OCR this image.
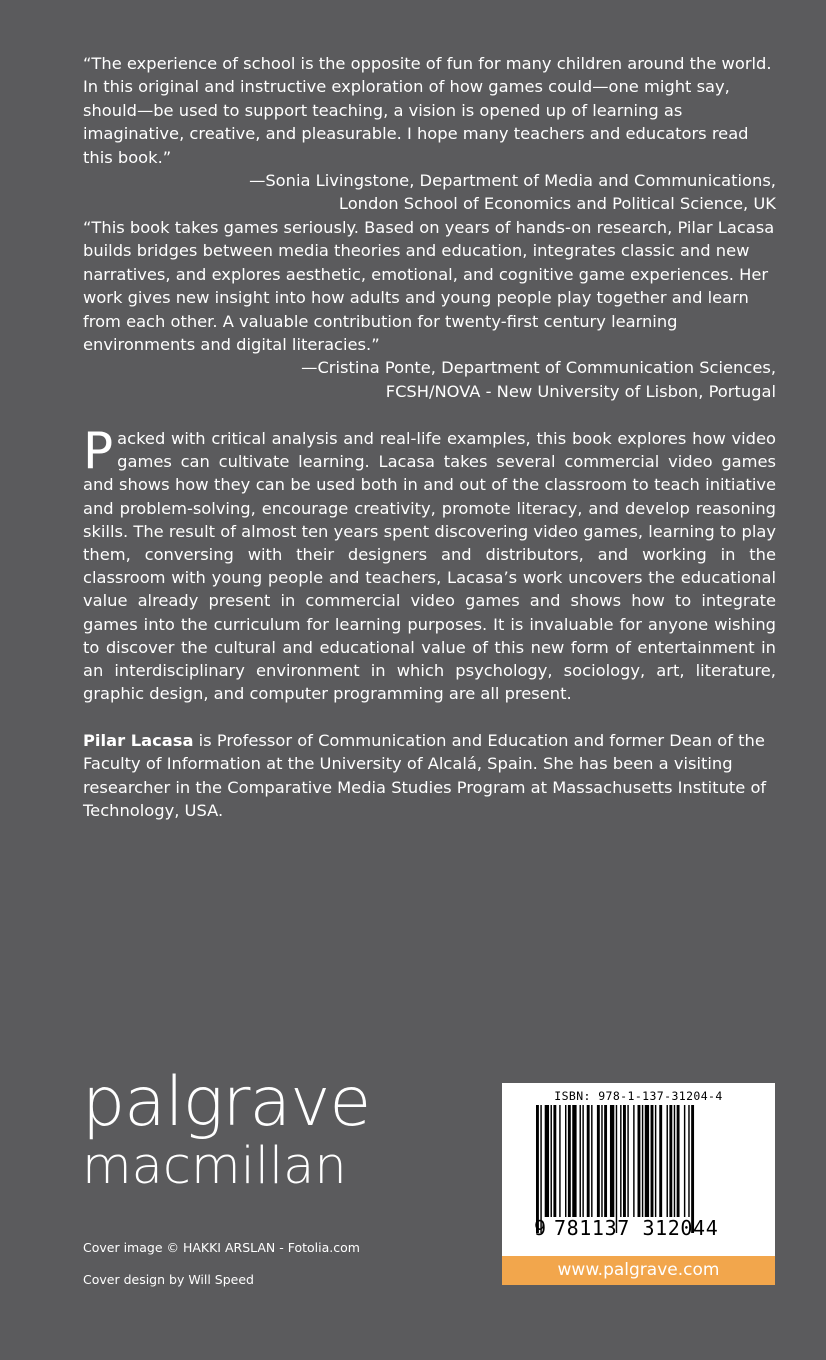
“The experience of school is the opposite of fun for many children around the world. In this original and instructive exploration of how games could—one might say, should—be used to support teaching, a vision is opened up of learning as imaginative, creative, and pleasurable. I hope many teachers and educators read this book.”

—Sonia Livingstone, Department of Media and Communications,
London School of Economics and Political Science, UK

“This book takes games seriously. Based on years of hands-on research, Pilar Lacasa builds bridges between media theories and education, integrates classic and new narratives, and explores aesthetic, emotional, and cognitive game experiences. Her work gives new insight into how adults and young people play together and learn from each other. A valuable contribution for twenty-first century learning environments and digital literacies.”

—Cristina Ponte, Department of Communication Sciences,
FCSH/NOVA - New University of Lisbon, Portugal

Packed with critical analysis and real-life examples, this book explores how video games can cultivate learning. Lacasa takes several commercial video games and shows how they can be used both in and out of the classroom to teach initiative and problem-solving, encourage creativity, promote literacy, and develop reasoning skills. The result of almost ten years spent discovering video games, learning to play them, conversing with their designers and distributors, and working in the classroom with young people and teachers, Lacasa’s work uncovers the educational value already present in commercial video games and shows how to integrate games into the curriculum for learning purposes. It is invaluable for anyone wishing to discover the cultural and educational value of this new form of entertainment in an interdisciplinary environment in which psychology, sociology, art, literature, graphic design, and computer programming are all present.

Pilar Lacasa is Professor of Communication and Education and former Dean of the Faculty of Information at the University of Alcalá, Spain. She has been a visiting researcher in the Comparative Media Studies Program at Massachusetts Institute of Technology, USA.

palgrave
macmillan
Cover image © HAKKI ARSLAN - Fotolia.com
Cover design by Will Speed
ISBN: 978-1-137-31204-4
9 781137 312044
www.palgrave.com
